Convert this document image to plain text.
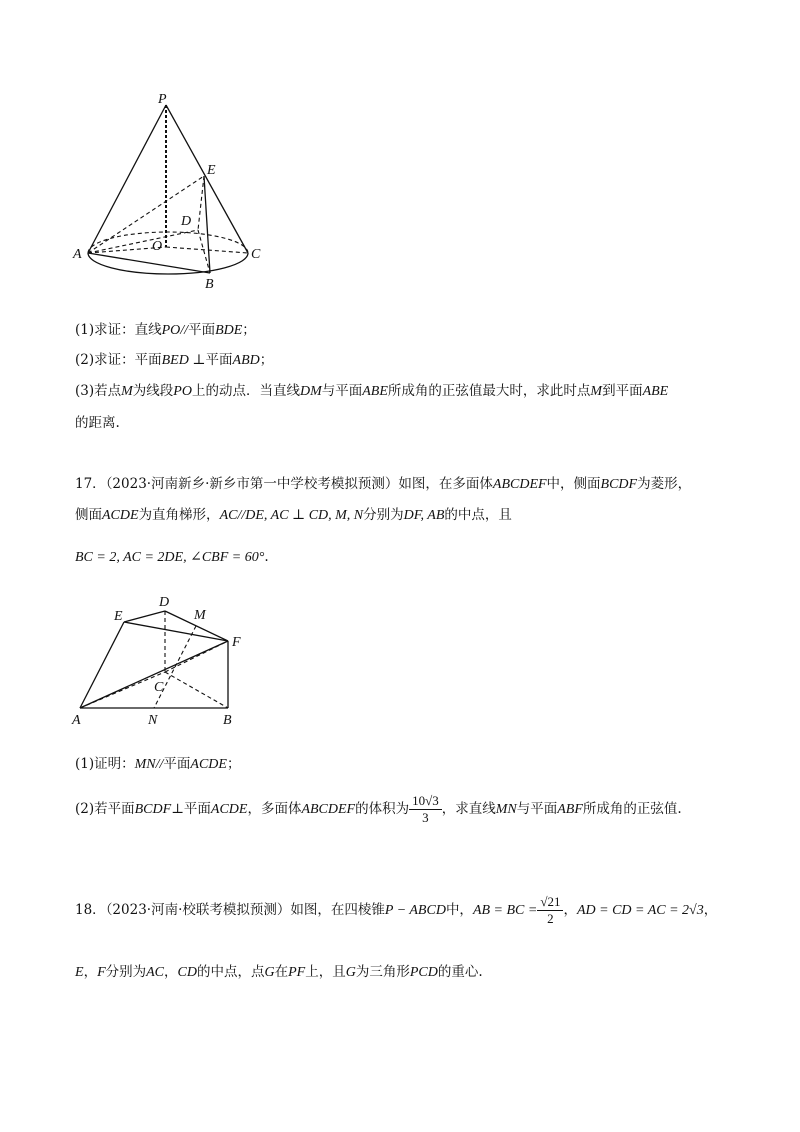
P
E
D
O
A	C
B
(1)求证：直线PO//平面BDE；
(2)求证：平面BED ⊥平面ABD；
(3)若点M为线段PO上的动点．当直线DM与平面ABE所成角的正弦值最大时，求此时点M到平面ABE
的距离.
17．（2023·河南新乡·新乡市第一中学校考模拟预测）如图，在多面体ABCDEF中，侧面BCDF为菱形，
侧面ACDE为直角梯形，AC//DE, AC ⊥ CD, M, N分别为DF, AB的中点，且
BC = 2, AC = 2DE, ∠CBF = 60°.
E
D
M
F
C
A	N	B
(1)证明：MN//平面ACDE；
(2)若平面BCDF⊥平面ACDE，多面体ABCDEF的体积为 $\frac{10√3}{3}$ ，求直线MN与平面ABF所成角的正弦值.
18．（2023·河南·校联考模拟预测）如图，在四棱锥P − ABCD中，AB = BC = $\frac{√21}{2}$ ，AD = CD = AC = 2√3，
E，F分别为AC，CD的中点，点G在PF上，且G为三角形PCD的重心.
